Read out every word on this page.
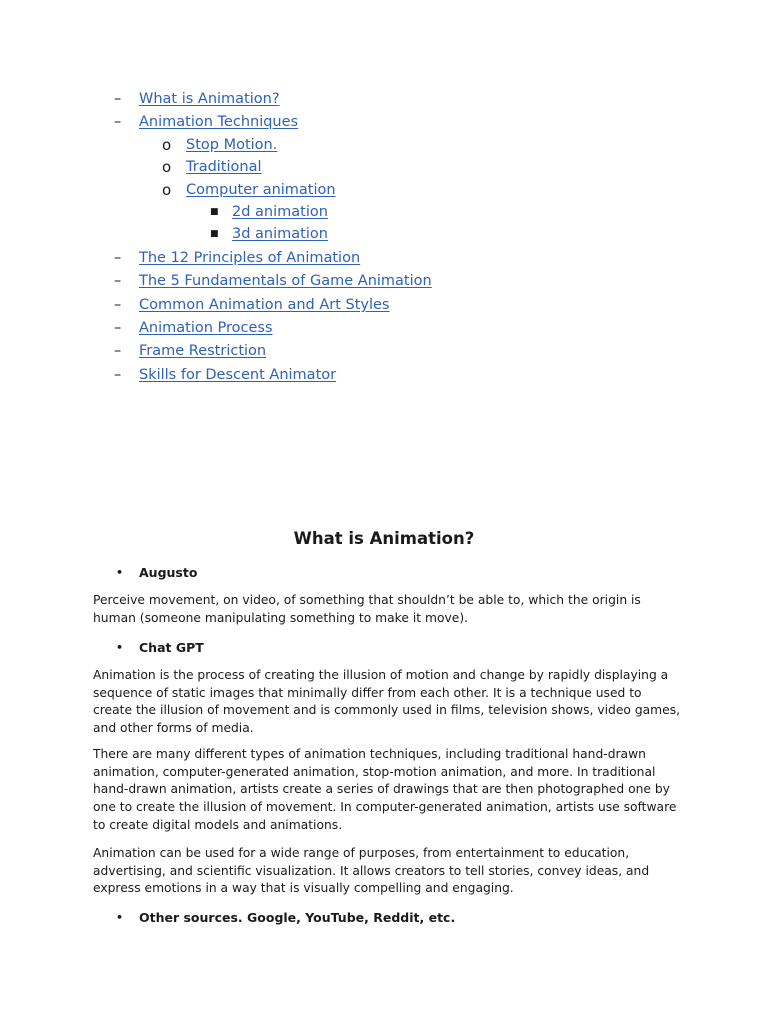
– What is Animation?
– Animation Techniques
o Stop Motion.
o Traditional
o Computer animation
■ 2d animation
■ 3d animation
– The 12 Principles of Animation
– The 5 Fundamentals of Game Animation
– Common Animation and Art Styles
– Animation Process
– Frame Restriction
– Skills for Descent Animator
What is Animation?
• Augusto

Perceive movement, on video, of something that shouldn’t be able to, which the origin is human (someone manipulating something to make it move).

• Chat GPT

Animation is the process of creating the illusion of motion and change by rapidly displaying a sequence of static images that minimally differ from each other. It is a technique used to create the illusion of movement and is commonly used in films, television shows, video games, and other forms of media.

There are many different types of animation techniques, including traditional hand-drawn animation, computer-generated animation, stop-motion animation, and more. In traditional hand-drawn animation, artists create a series of drawings that are then photographed one by one to create the illusion of movement. In computer-generated animation, artists use software to create digital models and animations.

Animation can be used for a wide range of purposes, from entertainment to education, advertising, and scientific visualization. It allows creators to tell stories, convey ideas, and express emotions in a way that is visually compelling and engaging.

• Other sources. Google, YouTube, Reddit, etc.
